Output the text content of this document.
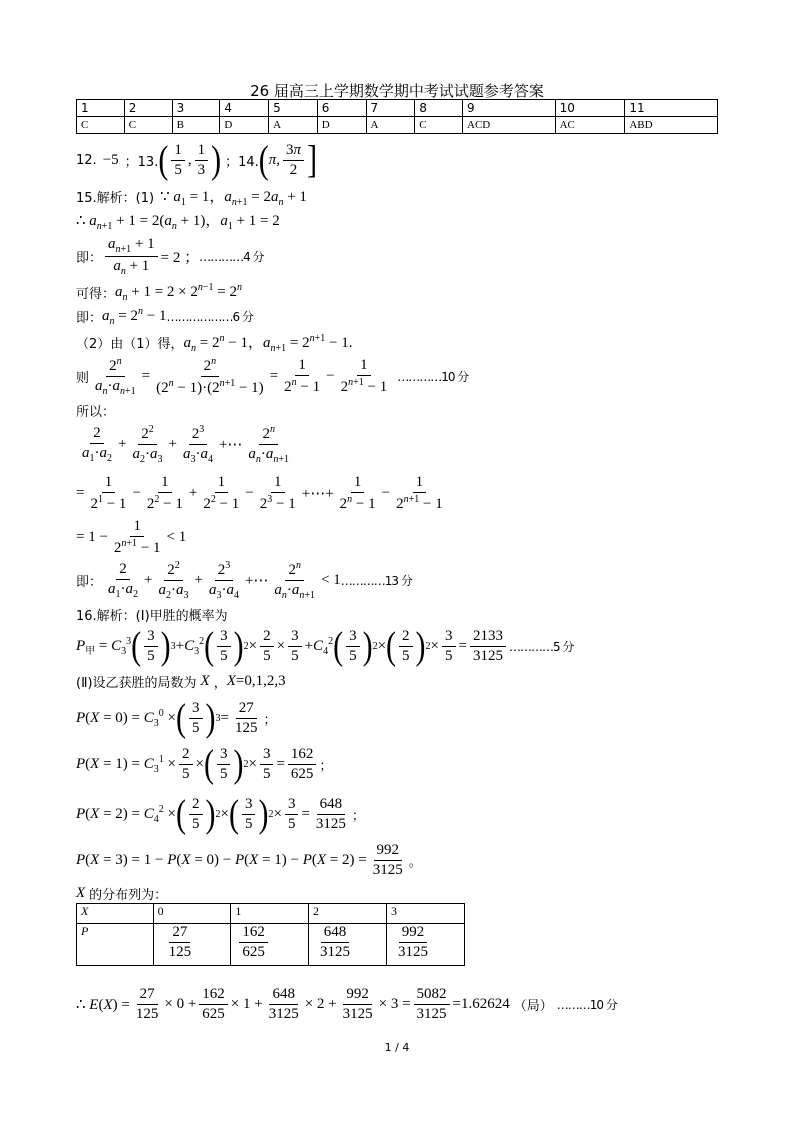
26 届高三上学期数学期中考试试题参考答案
1	2	3	4	5	6	7	8	9	10	11
C	C	B	D	A	D	A	C	ACD	AC	ABD
12. −5 ；13. ( $\frac{1}{5}$ , $\frac{1}{3}$ ) ；14. ( π , $\frac{3\pi}{2}$ ]
15.解析：(1) ∵ $a_1 = 1$，$a_{n+1} = 2a_n + 1$
∴ $a_{n+1} + 1 = 2(a_n + 1)$，$a_1 + 1 = 2$
即： $\frac{a_{n+1} + 1}{a_n + 1} = 2$ ； …………4 分
可得： $a_n + 1 = 2 \times 2^{n-1} = 2^n$
即： $a_n = 2^n - 1$ ………………6 分
（2）由（1）得， $a_n = 2^n - 1$，$a_{n+1} = 2^{n+1} - 1$.
则 $\frac{2^n}{a_n\cdot a_{n+1}} = \frac{2^n}{(2^n - 1)\cdot(2^{n+1} - 1)} = \frac{1}{2^n - 1} - \frac{1}{2^{n+1} - 1}$ …………10 分
所以：
$\frac{2}{a_1\cdot a_2} + \frac{2^2}{a_2\cdot a_3} + \frac{2^3}{a_3\cdot a_4}$ +⋯ $\frac{2^n}{a_n\cdot a_{n+1}}$
= $\frac{1}{2^1 - 1} - \frac{1}{2^2 - 1} + \frac{1}{2^2 - 1} - \frac{1}{2^3 - 1}$ +⋯+ $\frac{1}{2^n - 1} - \frac{1}{2^{n+1} - 1}$
= $1 - \frac{1}{2^{n+1} - 1} < 1$
即： $\frac{2}{a_1\cdot a_2} + \frac{2^2}{a_2\cdot a_3} + \frac{2^3}{a_3\cdot a_4}$ +⋯ $\frac{2^n}{a_n\cdot a_{n+1}} < 1$ …………13 分
16.解析：(Ⅰ)甲胜的概率为
$P_甲 = C_3^3$ ( $\frac{3}{5}$ ) $3 +C_3^2$ ( $\frac{3}{5}$ ) $2 \times \frac{2}{5} \times \frac{3}{5} +C_4^2$ ( $\frac{3}{5}$ ) 2 × ( $\frac{2}{5}$ ) $2 \times \frac{3}{5} = \frac{2133}{3125}$ …………5 分
(Ⅱ)设乙获胜的局数为 X ， X =0,1,2,3
$P(X = 0) = C_3^0$ × ( $\frac{3}{5}$ ) $3 = \frac{27}{125}$ ；
$P(X = 1) = C_3^1 \times \frac{2}{5}$ × ( $\frac{3}{5}$ ) $2 \times \frac{3}{5} = \frac{162}{625}$ ；
$P(X = 2) = C_4^2$ × ( $\frac{2}{5}$ ) 2 × ( $\frac{3}{5}$ ) $2 \times \frac{3}{5} = \frac{648}{3125}$ ；
$P(X = 3) = 1 - P(X = 0) - P(X = 1) - P(X = 2) = \frac{992}{3125}$ 。
X 的分布列为：
X	0	1	2	3
P	$\frac{27}{125}$	$\frac{162}{625}$	$\frac{648}{3125}$	$\frac{992}{3125}$
∴ $E(X) = \frac{27}{125} \times 0 + \frac{162}{625} \times 1 + \frac{648}{3125} \times 2 + \frac{992}{3125} \times 3 = \frac{5082}{3125} =1.62624$ （局） ………10 分
1 / 4
